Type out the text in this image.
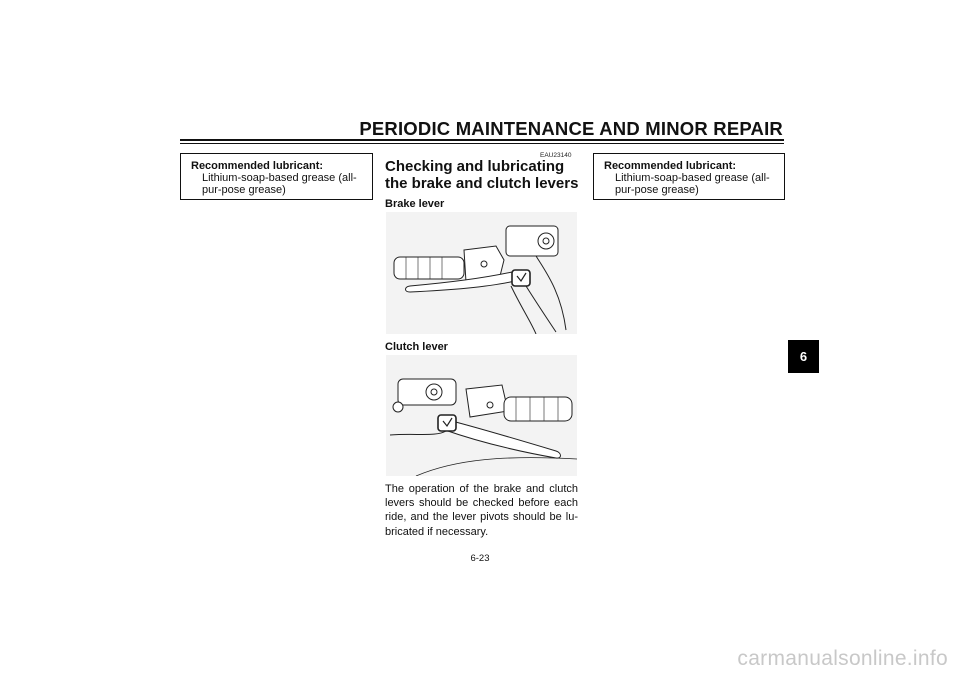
PERIODIC MAINTENANCE AND MINOR REPAIR
6
Recommended lubricant:
Lithium-soap-based grease (all-pur-pose grease)
EAU23140
Checking and lubricating the brake and clutch levers
Brake lever
Clutch lever
The operation of the brake and clutch levers should be checked before each ride, and the lever pivots should be lu-bricated if necessary.
Recommended lubricant:
Lithium-soap-based grease (all-pur-pose grease)
6-23
carmanualsonline.info
